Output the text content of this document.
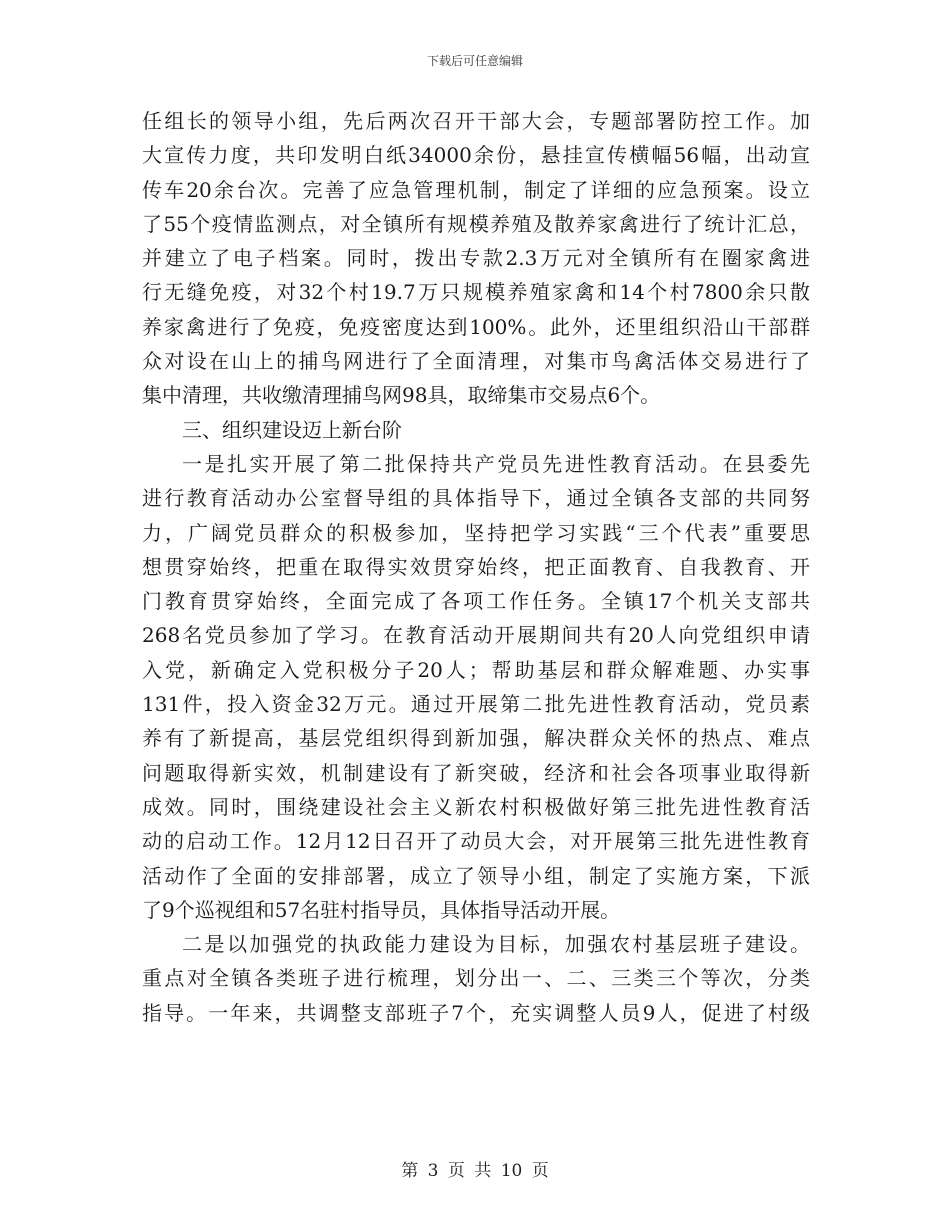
下载后可任意编辑
任组长的领导小组，先后两次召开干部大会，专题部署防控工作。加
大宣传力度，共印发明白纸34000余份，悬挂宣传横幅56幅，出动宣
传车20余台次。完善了应急管理机制，制定了详细的应急预案。设立
了55个疫情监测点，对全镇所有规模养殖及散养家禽进行了统计汇总，
并建立了电子档案。同时，拨出专款2.3万元对全镇所有在圈家禽进
行无缝免疫，对32个村19.7万只规模养殖家禽和14个村7800余只散
养家禽进行了免疫，免疫密度达到100%。此外，还里组织沿山干部群
众对设在山上的捕鸟网进行了全面清理，对集市鸟禽活体交易进行了
集中清理，共收缴清理捕鸟网98具，取缔集市交易点6个。
三、组织建设迈上新台阶
一是扎实开展了第二批保持共产党员先进性教育活动。在县委先
进行教育活动办公室督导组的具体指导下，通过全镇各支部的共同努
力，广阔党员群众的积极参加，坚持把学习实践“三个代表”重要思
想贯穿始终，把重在取得实效贯穿始终，把正面教育、自我教育、开
门教育贯穿始终，全面完成了各项工作任务。全镇17个机关支部共
268名党员参加了学习。在教育活动开展期间共有20人向党组织申请
入党，新确定入党积极分子20人；帮助基层和群众解难题、办实事
131件，投入资金32万元。通过开展第二批先进性教育活动，党员素
养有了新提高，基层党组织得到新加强，解决群众关怀的热点、难点
问题取得新实效，机制建设有了新突破，经济和社会各项事业取得新
成效。同时，围绕建设社会主义新农村积极做好第三批先进性教育活
动的启动工作。12月12日召开了动员大会，对开展第三批先进性教育
活动作了全面的安排部署，成立了领导小组，制定了实施方案，下派
了9个巡视组和57名驻村指导员，具体指导活动开展。
二是以加强党的执政能力建设为目标，加强农村基层班子建设。
重点对全镇各类班子进行梳理，划分出一、二、三类三个等次，分类
指导。一年来，共调整支部班子7个，充实调整人员9人，促进了村级
第 3 页 共 10 页
